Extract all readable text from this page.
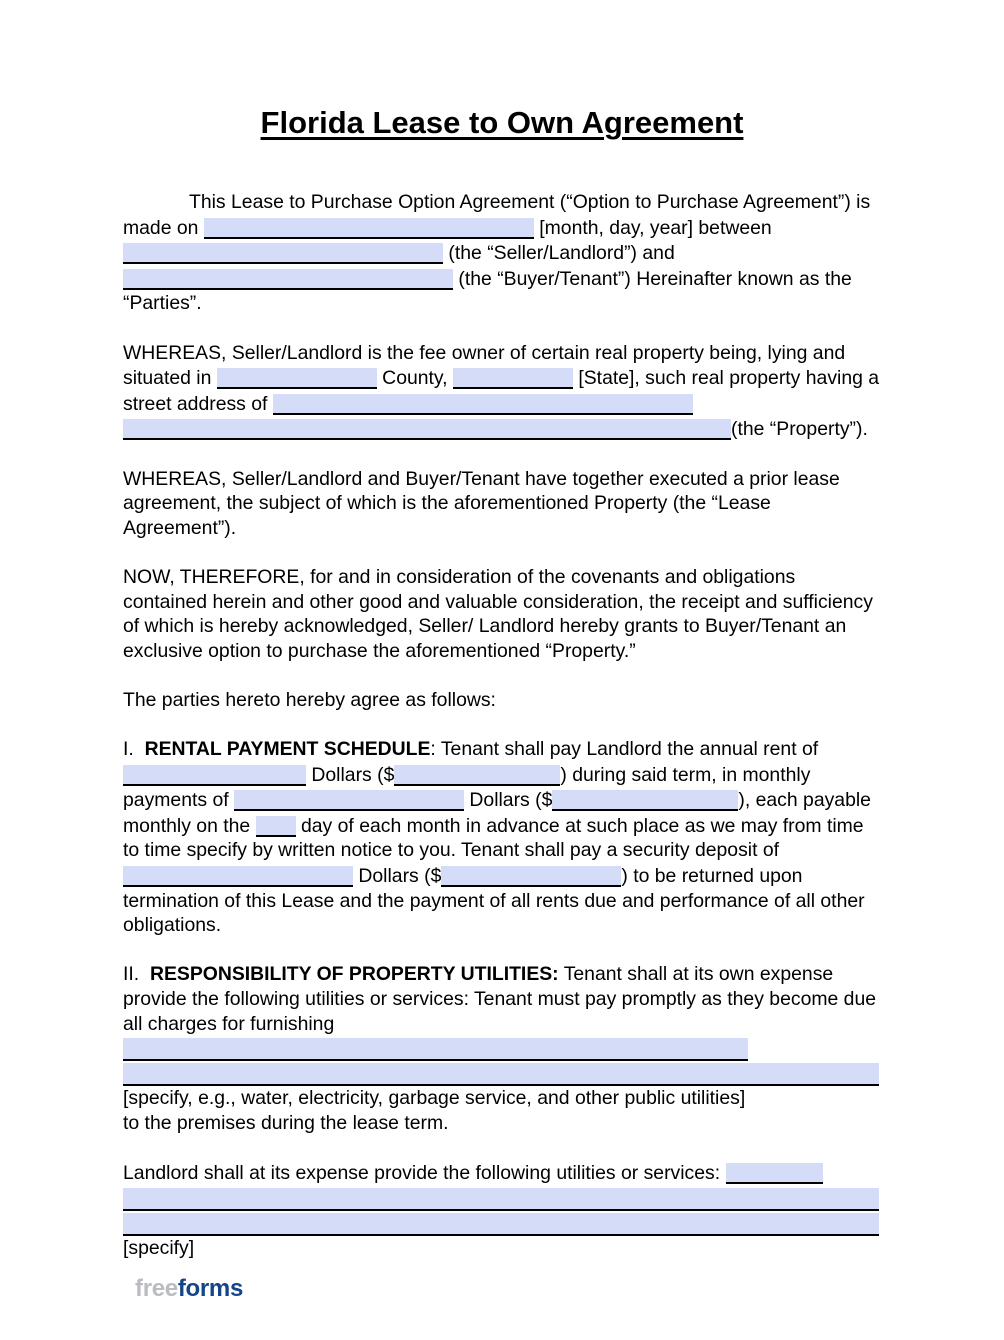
Florida Lease to Own Agreement

This Lease to Purchase Option Agreement (“Option to Purchase Agreement”) is made on	[month, day, year] between  (the “Seller/Landlord”) and  (the “Buyer/Tenant”) Hereinafter known as the “Parties”.

WHEREAS, Seller/Landlord is the fee owner of certain real property being, lying and situated in	County,	[State], such real property having a street address of (the “Property”).

WHEREAS, Seller/Landlord and Buyer/Tenant have together executed a prior lease agreement, the subject of which is the aforementioned Property (the “Lease Agreement”).

NOW, THEREFORE, for and in consideration of the covenants and obligations contained herein and other good and valuable consideration, the receipt and sufficiency of which is hereby acknowledged, Seller/ Landlord hereby grants to Buyer/Tenant an exclusive option to purchase the aforementioned “Property.”

The parties hereto hereby agree as follows:

I. RENTAL PAYMENT SCHEDULE: Tenant shall pay Landlord the annual rent of  Dollars ($	) during said term, in monthly payments of	Dollars ($	), each payable monthly on the  day of each month in advance at such place as we may from time to time specify by written notice to you. Tenant shall pay a security deposit of  Dollars ($	) to be returned upon termination of this Lease and the payment of all rents due and performance of all other obligations.

II. RESPONSIBILITY OF PROPERTY UTILITIES: Tenant shall at its own expense provide the following utilities or services: Tenant must pay promptly as they become due all charges for furnishing

[specify, e.g., water, electricity, garbage service, and other public utilities]

to the premises during the lease term.

Landlord shall at its expense provide the following utilities or services:

[specify]

freeforms
